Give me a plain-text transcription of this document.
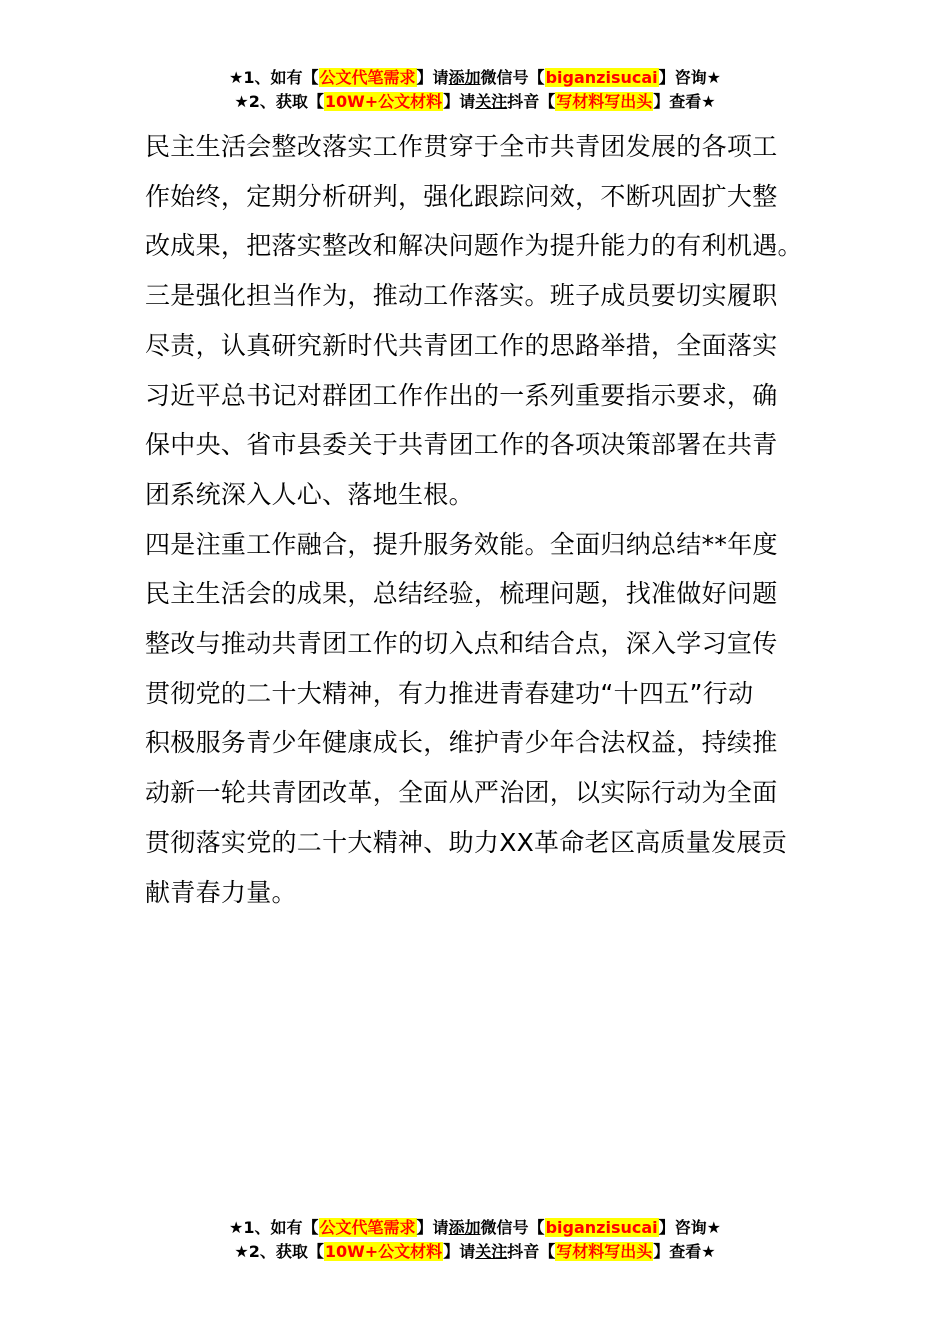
★1、如有【公文代笔需求】请添加微信号【biganzisucai】咨询★
★2、获取【10W+公文材料】请关注抖音【写材料写出头】查看★
民主生活会整改落实工作贯穿于全市共青团发展的各项工
作始终，定期分析研判，强化跟踪问效，不断巩固扩大整
改成果，把落实整改和解决问题作为提升能力的有利机遇。
三是强化担当作为，推动工作落实。班子成员要切实履职
尽责，认真研究新时代共青团工作的思路举措，全面落实
习近平总书记对群团工作作出的一系列重要指示要求，确
保中央、省市县委关于共青团工作的各项决策部署在共青
团系统深入人心、落地生根。
四是注重工作融合，提升服务效能。全面归纳总结**年度
民主生活会的成果，总结经验，梳理问题，找准做好问题
整改与推动共青团工作的切入点和结合点，深入学习宣传
贯彻党的二十大精神，有力推进青春建功“十四五”行动
积极服务青少年健康成长，维护青少年合法权益，持续推
动新一轮共青团改革，全面从严治团，以实际行动为全面
贯彻落实党的二十大精神、助力XX革命老区高质量发展贡
献青春力量。
★1、如有【公文代笔需求】请添加微信号【biganzisucai】咨询★
★2、获取【10W+公文材料】请关注抖音【写材料写出头】查看★
